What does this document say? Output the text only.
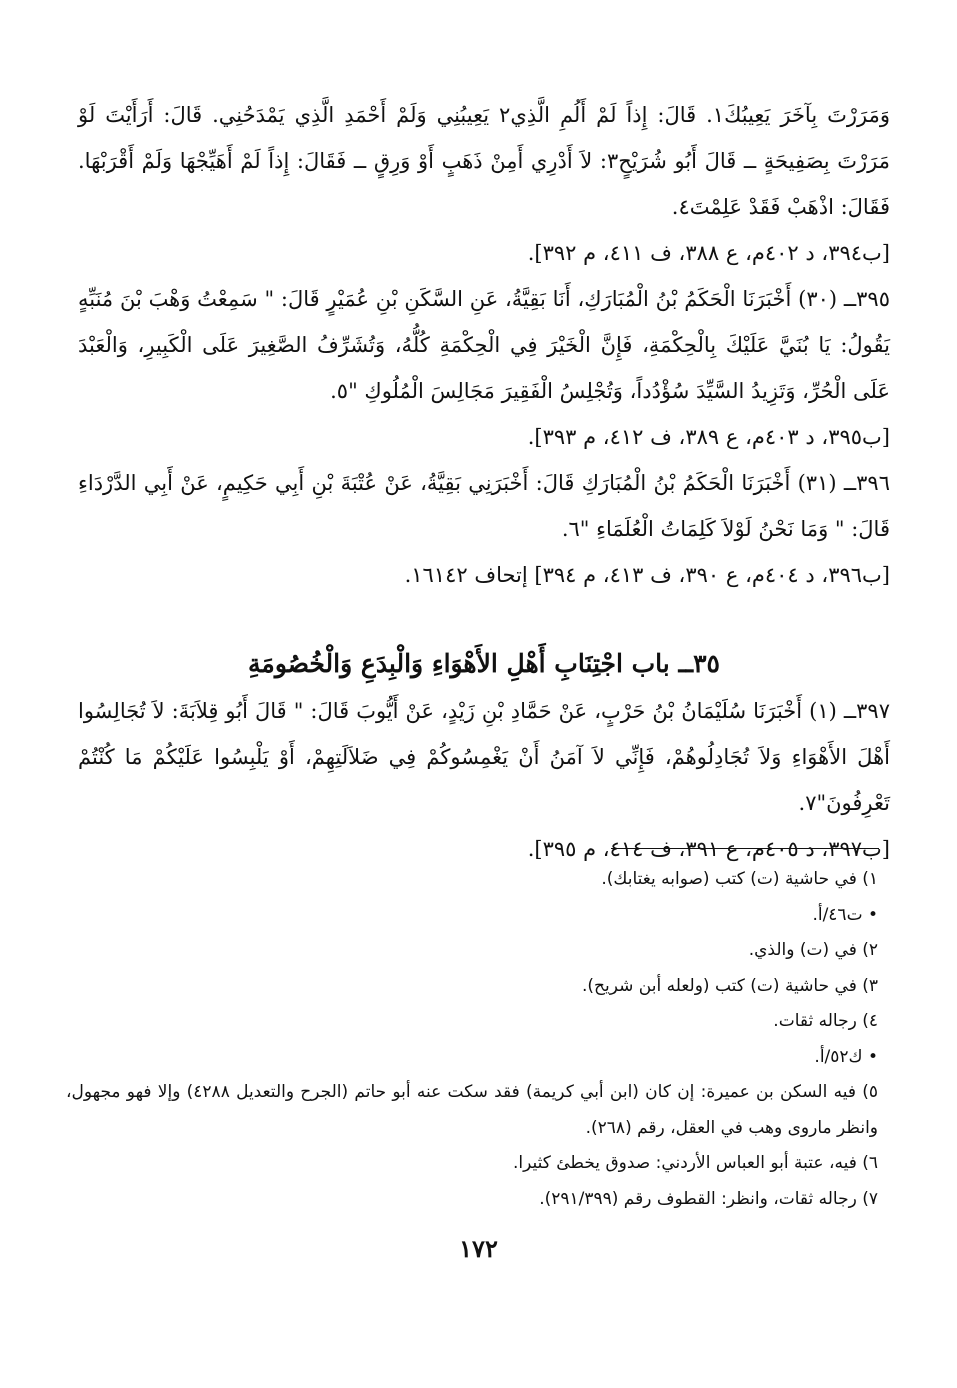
وَمَرَرْتَ بِآخَرَ يَعِيبُكَ١. قَالَ: إِذاً لَمْ أَلُمِ الَّذِي٢ يَعِيبُنِي وَلَمْ أَحْمَدِ الَّذِي يَمْدَحُنِي. قَالَ: أَرَأَيْتَ لَوْ مَرَرْتَ بِصَفِيحَةٍ ــ قَالَ أَبُو شُرَيْحٍ٣: لاَ أَدْرِي أَمِنْ ذَهَبٍ أَوْ وَرِقٍ ــ فَقَالَ: إِذاً لَمْ أَهَيِّجْهَا وَلَمْ أَقْرَبْهَا. فَقَالَ: اذْهَبْ فَقَدْ عَلِمْتَ٤.

[ب٣٩٤، د ٤٠٢م، ع ٣٨٨، ف ٤١١، م ٣٩٢].

٣٩٥ــ (٣٠) أَخْبَرَنَا الْحَكَمُ بْنُ الْمُبَارَكِ، أَنَا بَقِيَّةُ، عَنِ السَّكَنِ بْنِ عُمَيْرٍ قَالَ: " سَمِعْتُ وَهْبَ بْنَ مُنَبِّهٍ يَقُولُ: يَا بُنَيَّ عَلَيْكَ بِالْحِكْمَةِ، فَإِنَّ الْخَيْرَ فِي الْحِكْمَةِ كُلُّهُ، وَتُشَرِّفُ الصَّغِيرَ عَلَى الْكَبِيرِ، وَالْعَبْدَ عَلَى الْحُرِّ، وَتَزِيدُ السَّيِّدَ سُؤْدُداً، وَتُجْلِسُ الْفَقِيرَ مَجَالِسَ الْمُلُوكِ "٥.

[ب٣٩٥، د ٤٠٣م، ع ٣٨٩، ف ٤١٢، م ٣٩٣].

٣٩٦ــ (٣١) أَخْبَرَنَا الْحَكَمُ بْنُ الْمُبَارَكِ قَالَ: أَخْبَرَنِي بَقِيَّةُ، عَنْ عُتْبَةَ بْنِ أَبِي حَكِيمٍ، عَنْ أَبِي الدَّرْدَاءِ قَالَ: " وَمَا نَحْنُ لَوْلاَ كَلِمَاتُ الْعُلَمَاءِ "٦.

[ب٣٩٦، د ٤٠٤م، ع ٣٩٠، ف ٤١٣، م ٣٩٤] إتحاف ١٦١٤٢.

٣٥ــ باب اجْتِنَابِ أَهْلِ الأَهْوَاءِ وَالْبِدَعِ وَالْخُصُومَةِ

٣٩٧ــ (١) أَخْبَرَنَا سُلَيْمَانُ بْنُ حَرْبٍ، عَنْ حَمَّادِ بْنِ زَيْدٍ، عَنْ أَيُّوبَ قَالَ: " قَالَ أَبُو قِلاَبَةَ: لاَ تُجَالِسُوا أَهْلَ الأَهْوَاءِ وَلاَ تُجَادِلُوهُمْ، فَإِنِّي لاَ آمَنُ أَنْ يَغْمِسُوكُمْ فِي ضَلاَلَتِهِمْ، أَوْ يَلْبِسُوا عَلَيْكُمْ مَا كُنْتُمْ تَعْرِفُونَ"٧.

[ب٣٩٧، د ٤٠٥م، ع ٣٩١، ف ٤١٤، م ٣٩٥].

١) في حاشية (ت) كتب (صوابه يغتابك).

• ت٤٦/أ.

٢) في (ت) والذي.

٣) في حاشية (ت) كتب (ولعله أبن شريح).

٤) رجاله ثقات.

• ك٥٢/أ.

٥) فيه السكن بن عميرة: إن كان (ابن أبي كريمة) فقد سكت عنه أبو حاتم (الجرح والتعديل ٤٢٨٨) وإلا فهو مجهول، وانظر ماروى وهب في العقل، رقم (٢٦٨).

٦) فيه، عتبة أبو العباس الأردني: صدوق يخطئ كثيرا.

٧) رجاله ثقات، وانظر: القطوف رقم (٢٩١/٣٩٩).

١٧٢
